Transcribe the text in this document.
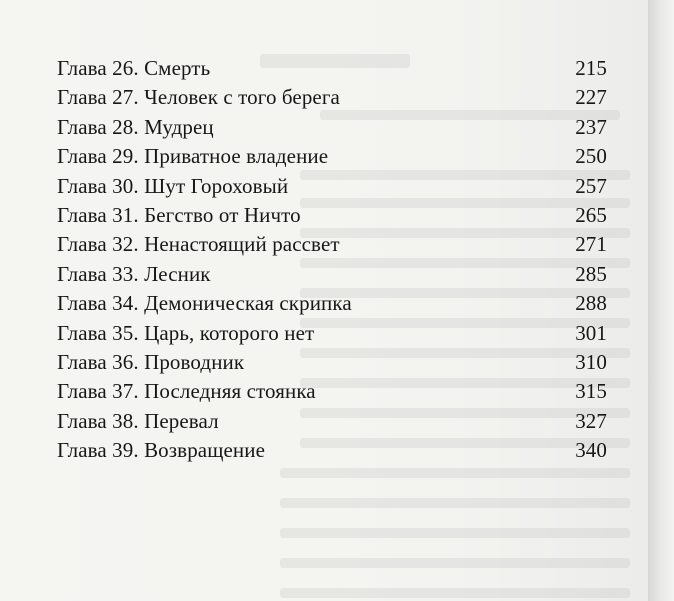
Глава 26. Смерть	215
Глава 27. Человек с того берега	227
Глава 28. Мудрец	237
Глава 29. Приватное владение	250
Глава 30. Шут Гороховый	257
Глава 31. Бегство от Ничто	265
Глава 32. Ненастоящий рассвет	271
Глава 33. Лесник	285
Глава 34. Демоническая скрипка	288
Глава 35. Царь, которого нет	301
Глава 36. Проводник	310
Глава 37. Последняя стоянка	315
Глава 38. Перевал	327
Глава 39. Возвращение	340
